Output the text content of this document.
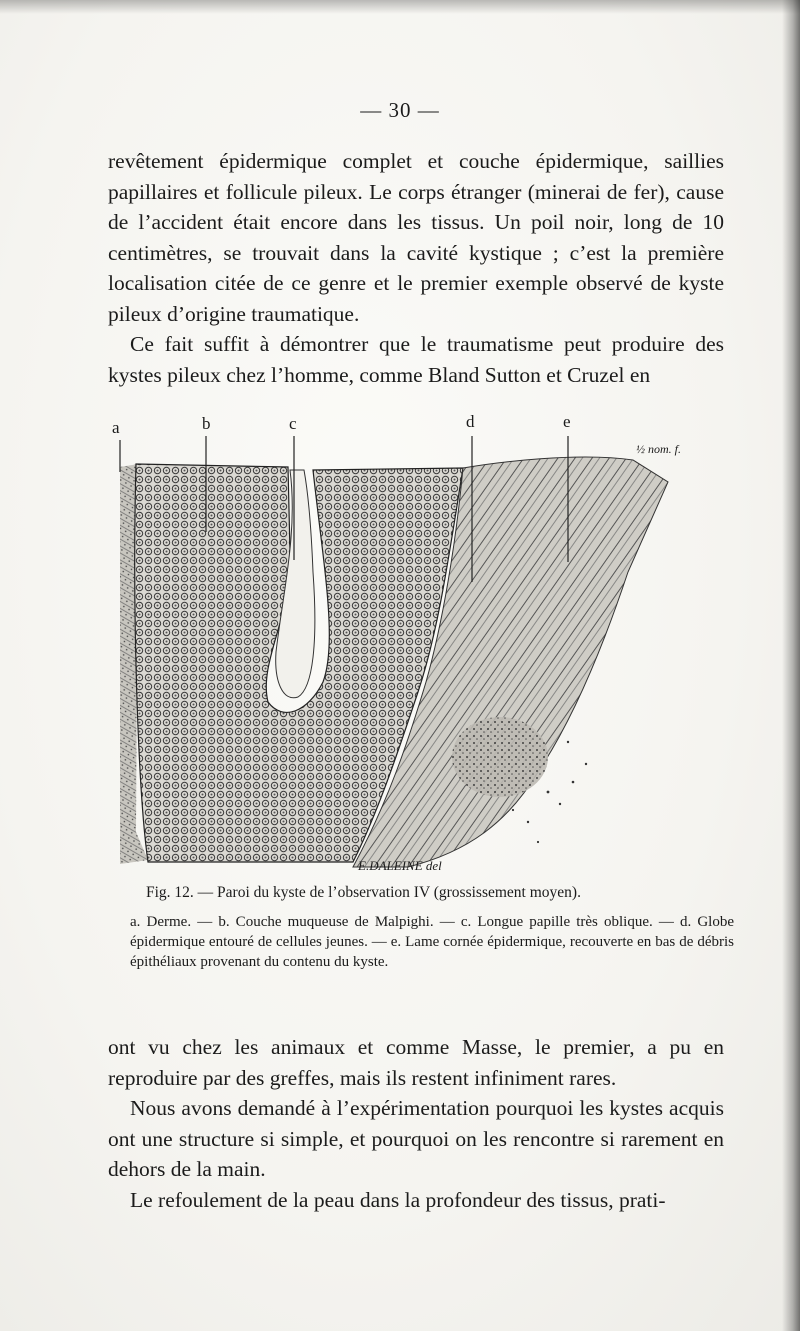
— 30 —

revêtement épidermique complet et couche épidermique, saillies papillaires et follicule pileux. Le corps étranger (minerai de fer), cause de l’accident était encore dans les tissus. Un poil noir, long de 10 centimètres, se trouvait dans la cavité kystique ; c’est la première localisation citée de ce genre et le premier exemple observé de kyste pileux d’origine traumatique.

Ce fait suffit à démontrer que le traumatisme peut produire des kystes pileux chez l’homme, comme Bland Sutton et Cruzel en

a	b	c	d	e
½ nom. f.
E.DALEINE del
Fig. 12. — Paroi du kyste de l’observation IV (grossissement moyen).
a. Derme. — b. Couche muqueuse de Malpighi. — c. Longue papille très oblique. — d. Globe épidermique entouré de cellules jeunes. — e. Lame cornée épidermique, recouverte en bas de débris épithéliaux provenant du contenu du kyste.

ont vu chez les animaux et comme Masse, le premier, a pu en reproduire par des greffes, mais ils restent infiniment rares.

Nous avons demandé à l’expérimentation pourquoi les kystes acquis ont une structure si simple, et pourquoi on les rencontre si rarement en dehors de la main.

Le refoulement de la peau dans la profondeur des tissus, prati-
